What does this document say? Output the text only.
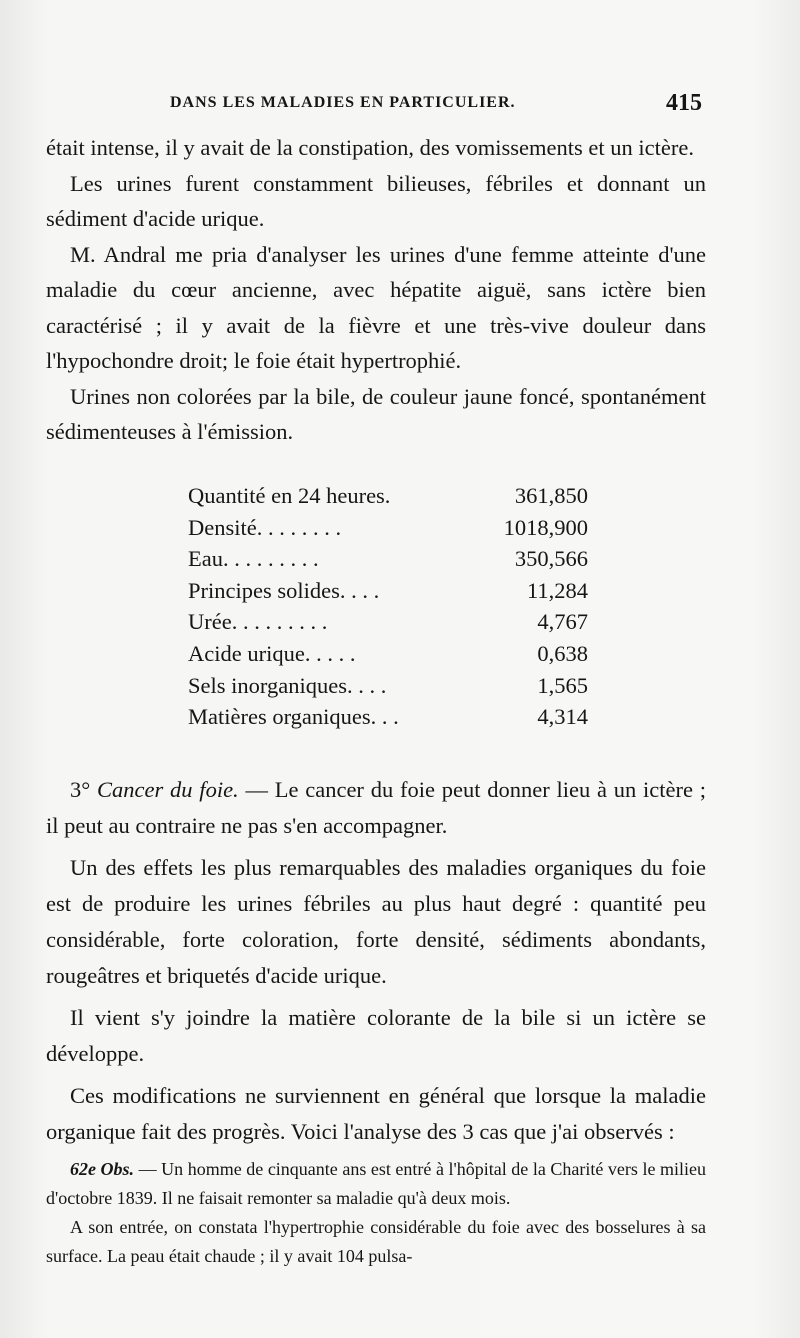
DANS LES MALADIES EN PARTICULIER.	415

était intense, il y avait de la constipation, des vomissements et un ictère.

Les urines furent constamment bilieuses, fébriles et donnant un sédiment d'acide urique.

M. Andral me pria d'analyser les urines d'une femme atteinte d'une maladie du cœur ancienne, avec hépatite aiguë, sans ictère bien caractérisé ; il y avait de la fièvre et une très-vive douleur dans l'hypochondre droit; le foie était hypertrophié.

Urines non colorées par la bile, de couleur jaune foncé, spontanément sédimenteuses à l'émission.

Quantité en 24 heures.	361,850
Densité. . . . . . . .	1018,900
Eau. . . . . . . . .	350,566
Principes solides. . . .	11,284
Urée. . . . . . . . .	4,767
Acide urique. . . . .	0,638
Sels inorganiques. . . .	1,565
Matières organiques. . .	4,314

3° Cancer du foie. — Le cancer du foie peut donner lieu à un ictère ; il peut au contraire ne pas s'en accompagner.

Un des effets les plus remarquables des maladies organiques du foie est de produire les urines fébriles au plus haut degré : quantité peu considérable, forte coloration, forte densité, sédiments abondants, rougeâtres et briquetés d'acide urique.

Il vient s'y joindre la matière colorante de la bile si un ictère se développe.

Ces modifications ne surviennent en général que lorsque la maladie organique fait des progrès. Voici l'analyse des 3 cas que j'ai observés :

62e Obs. — Un homme de cinquante ans est entré à l'hôpital de la Charité vers le milieu d'octobre 1839. Il ne faisait remonter sa maladie qu'à deux mois.

A son entrée, on constata l'hypertrophie considérable du foie avec des bosselures à sa surface. La peau était chaude ; il y avait 104 pulsa-
